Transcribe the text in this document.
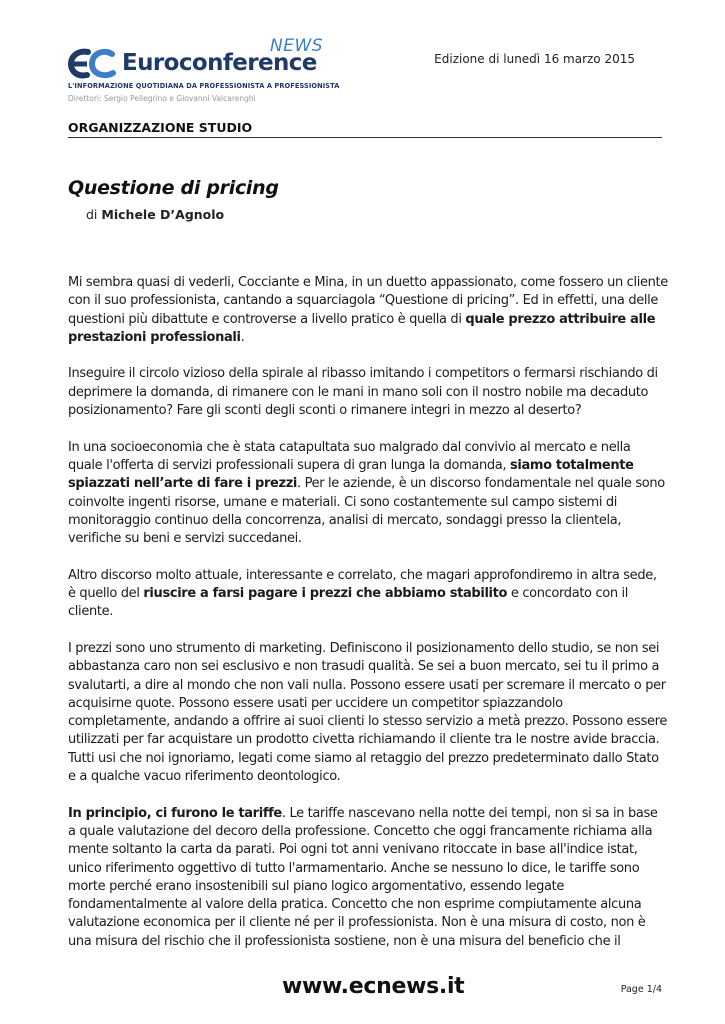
NEWS
Euroconference
L'INFORMAZIONE QUOTIDIANA DA PROFESSIONISTA A PROFESSIONISTA
Direttori: Sergio Pellegrino e Giovanni Valcarenghi
Edizione di lunedì 16 marzo 2015
ORGANIZZAZIONE STUDIO
Questione di pricing
di Michele D’Agnolo

Mi sembra quasi di vederli, Cocciante e Mina, in un duetto appassionato, come fossero un cliente con il suo professionista, cantando a squarciagola “Questione di pricing”. Ed in effetti, una delle questioni più dibattute e controverse a livello pratico è quella di quale prezzo attribuire alle prestazioni professionali.

Inseguire il circolo vizioso della spirale al ribasso imitando i competitors o fermarsi rischiando di deprimere la domanda, di rimanere con le mani in mano soli con il nostro nobile ma decaduto posizionamento? Fare gli sconti degli sconti o rimanere integri in mezzo al deserto?

In una socioeconomia che è stata catapultata suo malgrado dal convivio al mercato e nella quale l'offerta di servizi professionali supera di gran lunga la domanda, siamo totalmente spiazzati nell’arte di fare i prezzi. Per le aziende, è un discorso fondamentale nel quale sono coinvolte ingenti risorse, umane e materiali. Ci sono costantemente sul campo sistemi di monitoraggio continuo della concorrenza, analisi di mercato, sondaggi presso la clientela, verifiche su beni e servizi succedanei.

Altro discorso molto attuale, interessante e correlato, che magari approfondiremo in altra sede, è quello del riuscire a farsi pagare i prezzi che abbiamo stabilito e concordato con il cliente.

I prezzi sono uno strumento di marketing. Definiscono il posizionamento dello studio, se non sei abbastanza caro non sei esclusivo e non trasudi qualità. Se sei a buon mercato, sei tu il primo a svalutarti, a dire al mondo che non vali nulla. Possono essere usati per scremare il mercato o per acquisirne quote. Possono essere usati per uccidere un competitor spiazzandolo completamente, andando a offrire ai suoi clienti lo stesso servizio a metà prezzo. Possono essere utilizzati per far acquistare un prodotto civetta richiamando il cliente tra le nostre avide braccia. Tutti usi che noi ignoriamo, legati come siamo al retaggio del prezzo predeterminato dallo Stato e a qualche vacuo riferimento deontologico.

In principio, ci furono le tariffe. Le tariffe nascevano nella notte dei tempi, non si sa in base a quale valutazione del decoro della professione. Concetto che oggi francamente richiama alla mente soltanto la carta da parati. Poi ogni tot anni venivano ritoccate in base all'indice istat, unico riferimento oggettivo di tutto l'armamentario. Anche se nessuno lo dice, le tariffe sono morte perché erano insostenibili sul piano logico argomentativo, essendo legate fondamentalmente al valore della pratica. Concetto che non esprime compiutamente alcuna valutazione economica per il cliente né per il professionista. Non è una misura di costo, non è una misura del rischio che il professionista sostiene, non è una misura del beneficio che il

www.ecnews.it	Page 1/4
